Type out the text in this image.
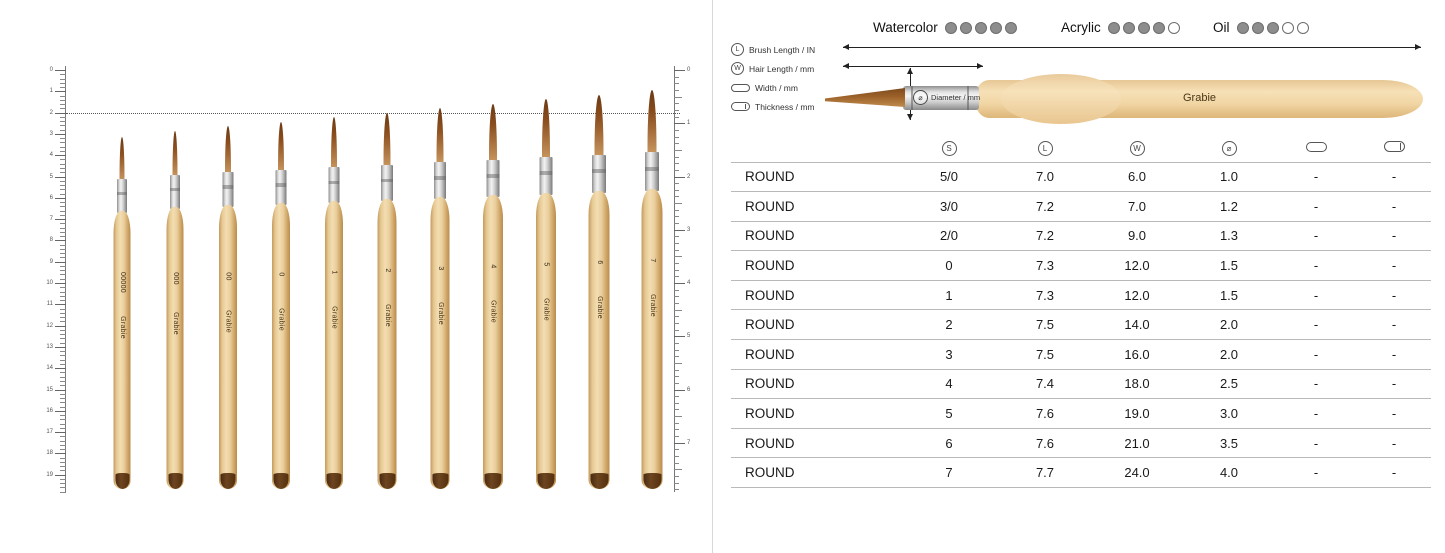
0
1
2
3
4
5
6
7
8
9
10
11
12
13
14
15
16
17
18
19
0
1
2
3
4
5
6
7
00000
Grabie
000
Grabie
00
Grabie
0
Grabie
1
Grabie
2
Grabie
3
Grabie
4
Grabie
5
Grabie
6
Grabie
7
Grabie
Watercolor	Acrylic	Oil
L	Brush Length / IN
W Hair Length / mm
Width / mm
Thickness / mm
Grabie
⌀	Diameter / mm
	S	L	W	⌀		
ROUND	5/0	7.0	6.0	1.0	-	-
ROUND	3/0	7.2	7.0	1.2	-	-
ROUND	2/0	7.2	9.0	1.3	-	-
ROUND	0	7.3	12.0	1.5	-	-
ROUND	1	7.3	12.0	1.5	-	-
ROUND	2	7.5	14.0	2.0	-	-
ROUND	3	7.5	16.0	2.0	-	-
ROUND	4	7.4	18.0	2.5	-	-
ROUND	5	7.6	19.0	3.0	-	-
ROUND	6	7.6	21.0	3.5	-	-
ROUND	7	7.7	24.0	4.0	-	-
